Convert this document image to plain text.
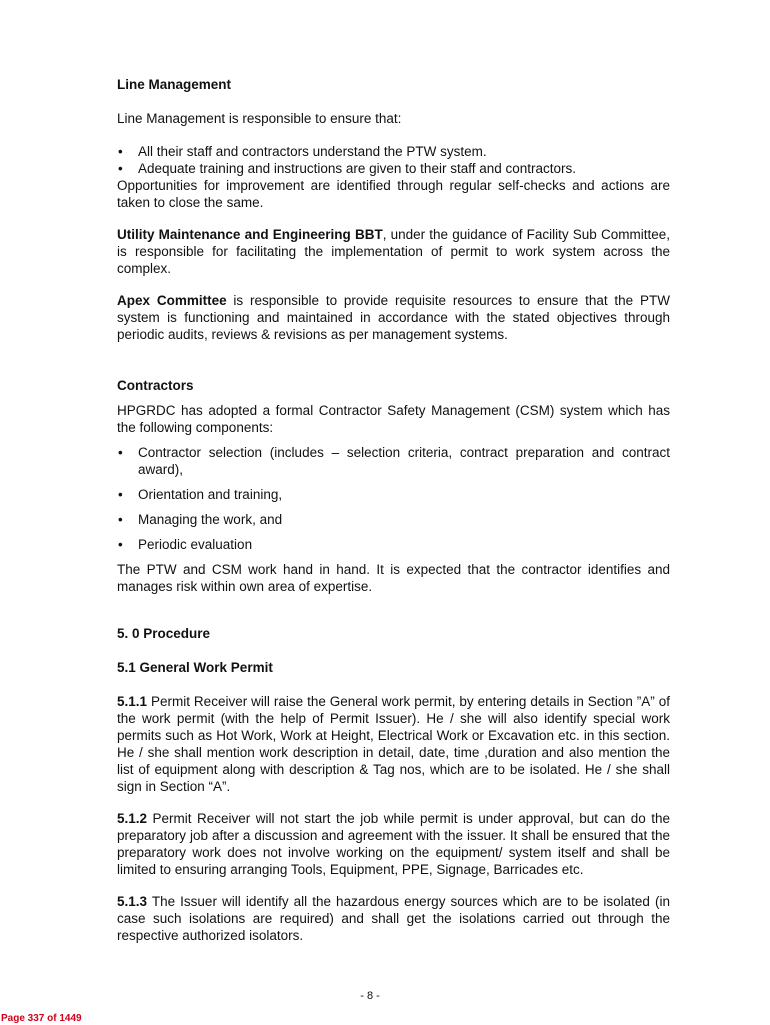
Line Management

Line Management is responsible to ensure that:

• All their staff and contractors understand the PTW system.
• Adequate training and instructions are given to their staff and contractors.

Opportunities for improvement are identified through regular self-checks and actions are taken to close the same.

Utility Maintenance and Engineering BBT, under the guidance of Facility Sub Committee, is responsible for facilitating the implementation of permit to work system across the complex.

Apex Committee is responsible to provide requisite resources to ensure that the PTW system is functioning and maintained in accordance with the stated objectives through periodic audits, reviews & revisions as per management systems.

Contractors

HPGRDC has adopted a formal Contractor Safety Management (CSM) system which has the following components:

• Contractor selection (includes – selection criteria, contract preparation and contract award),
• Orientation and training,
• Managing the work, and
• Periodic evaluation

The PTW and CSM work hand in hand. It is expected that the contractor identifies and manages risk within own area of expertise.

5. 0 Procedure

5.1 General Work Permit

5.1.1 Permit Receiver will raise the General work permit, by entering details in Section ”A” of the work permit (with the help of Permit Issuer). He / she will also identify special work permits such as Hot Work, Work at Height, Electrical Work or Excavation etc. in this section. He / she shall mention work description in detail, date, time ,duration and also mention the list of equipment along with description & Tag nos, which are to be isolated. He / she shall sign in Section “A”.

5.1.2 Permit Receiver will not start the job while permit is under approval, but can do the preparatory job after a discussion and agreement with the issuer. It shall be ensured that the preparatory work does not involve working on the equipment/ system itself and shall be limited to ensuring arranging Tools, Equipment, PPE, Signage, Barricades etc.

5.1.3 The Issuer will identify all the hazardous energy sources which are to be isolated (in case such isolations are required) and shall get the isolations carried out through the respective authorized isolators.

- 8 -
Page 337 of 1449
